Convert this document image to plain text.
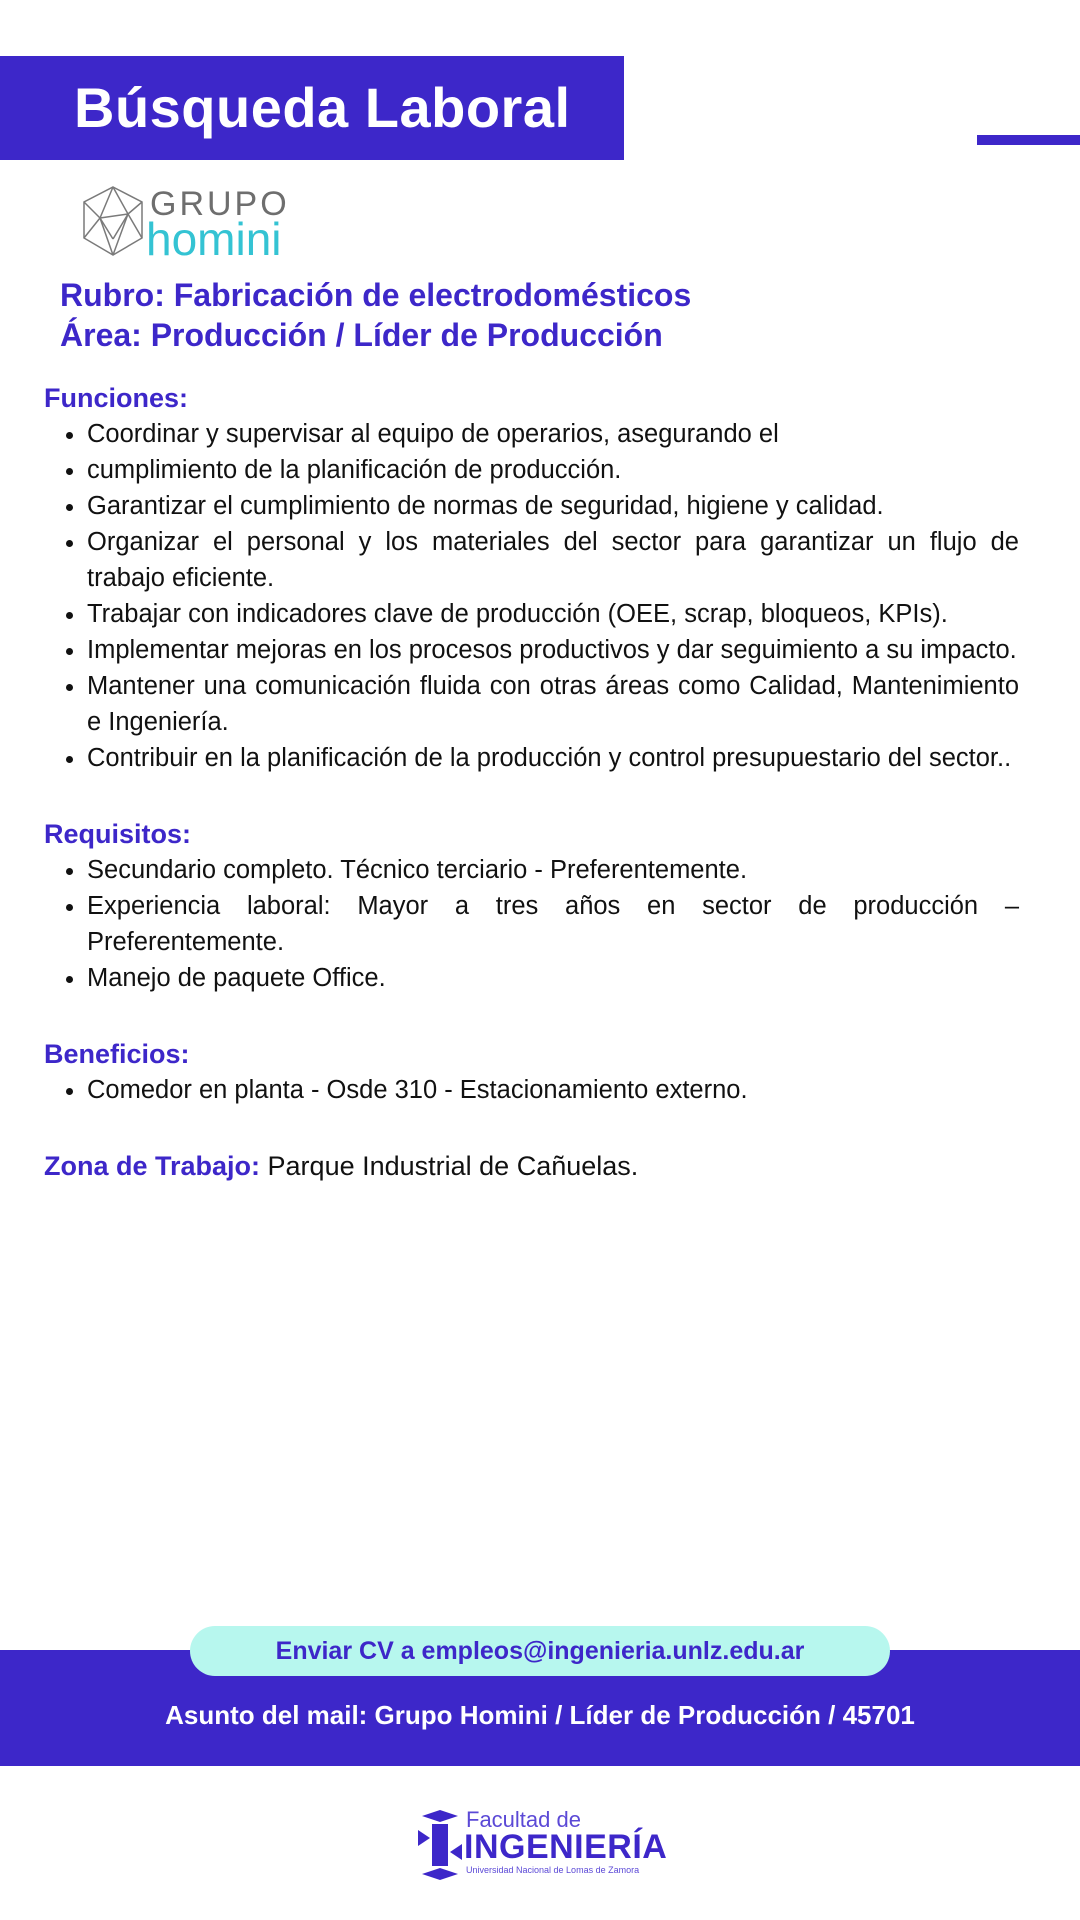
Búsqueda Laboral
GRUPO
homini
Rubro: Fabricación de electrodomésticos
Área: Producción / Líder de Producción
Funciones:
• Coordinar y supervisar al equipo de operarios, asegurando el
• cumplimiento de la planificación de producción.
• Garantizar el cumplimiento de normas de seguridad, higiene y calidad.
• Organizar el personal y los materiales del sector para garantizar un flujo de trabajo eficiente.
• Trabajar con indicadores clave de producción (OEE, scrap, bloqueos, KPIs).
• Implementar mejoras en los procesos productivos y dar seguimiento a su impacto.
• Mantener una comunicación fluida con otras áreas como Calidad, Mantenimiento e Ingeniería.
• Contribuir en la planificación de la producción y control presupuestario del sector..
Requisitos:
• Secundario completo. Técnico terciario - Preferentemente.
• Experiencia laboral: Mayor a tres años en sector de producción – Preferentemente.
• Manejo de paquete Office.
Beneficios:
• Comedor en planta - Osde 310 - Estacionamiento externo.
Zona de Trabajo: Parque Industrial de Cañuelas.
Enviar CV a empleos@ingenieria.unlz.edu.ar
Asunto del mail: Grupo Homini / Líder de Producción / 45701
Facultad de
INGENIERÍA
Universidad Nacional de Lomas de Zamora
